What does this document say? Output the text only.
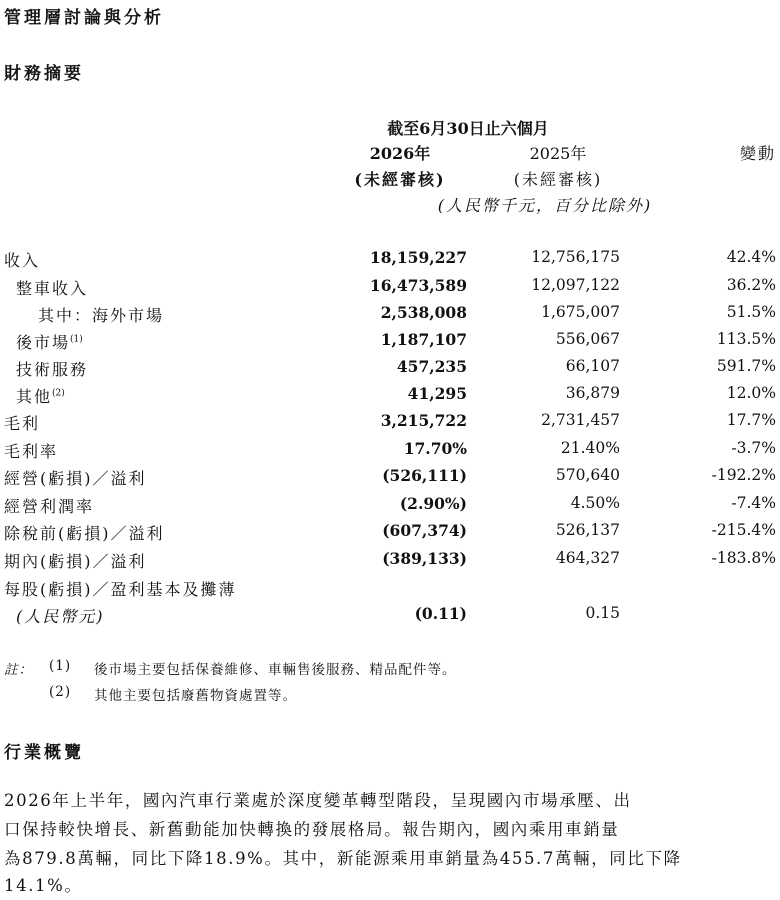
管理層討論與分析
財務摘要
截至6月30日止六個月
2026年	2025年	變動
(未經審核)	(未經審核)
(人民幣千元，百分比除外)
收入	18,159,227	12,756,175	42.4%
整車收入	16,473,589	12,097,122	36.2%
其中：海外市場	2,538,008	1,675,007	51.5%
後市場$^{(1)}$	1,187,107	556,067	113.5%
技術服務	457,235	66,107	591.7%
其他$^{(2)}$	41,295	36,879	12.0%
毛利	3,215,722	2,731,457	17.7%
毛利率	17.70%	21.40%	-3.7%
經營(虧損)／溢利	(526,111)	570,640	-192.2%
經營利潤率	(2.90%)	4.50%	-7.4%
除稅前(虧損)／溢利	(607,374)	526,137	-215.4%
期內(虧損)／溢利	(389,133)	464,327	-183.8%
每股(虧損)／盈利基本及攤薄
(人民幣元)	(0.11)	0.15
註： (1) 後市場主要包括保養維修、車輛售後服務、精品配件等。
(2) 其他主要包括廢舊物資處置等。
行業概覽
2026年上半年，國內汽車行業處於深度變革轉型階段，呈現國內市場承壓、出
口保持較快增長、新舊動能加快轉換的發展格局。報告期內，國內乘用車銷量
為879.8萬輛，同比下降18.9%。其中，新能源乘用車銷量為455.7萬輛，同比下降
14.1%。
